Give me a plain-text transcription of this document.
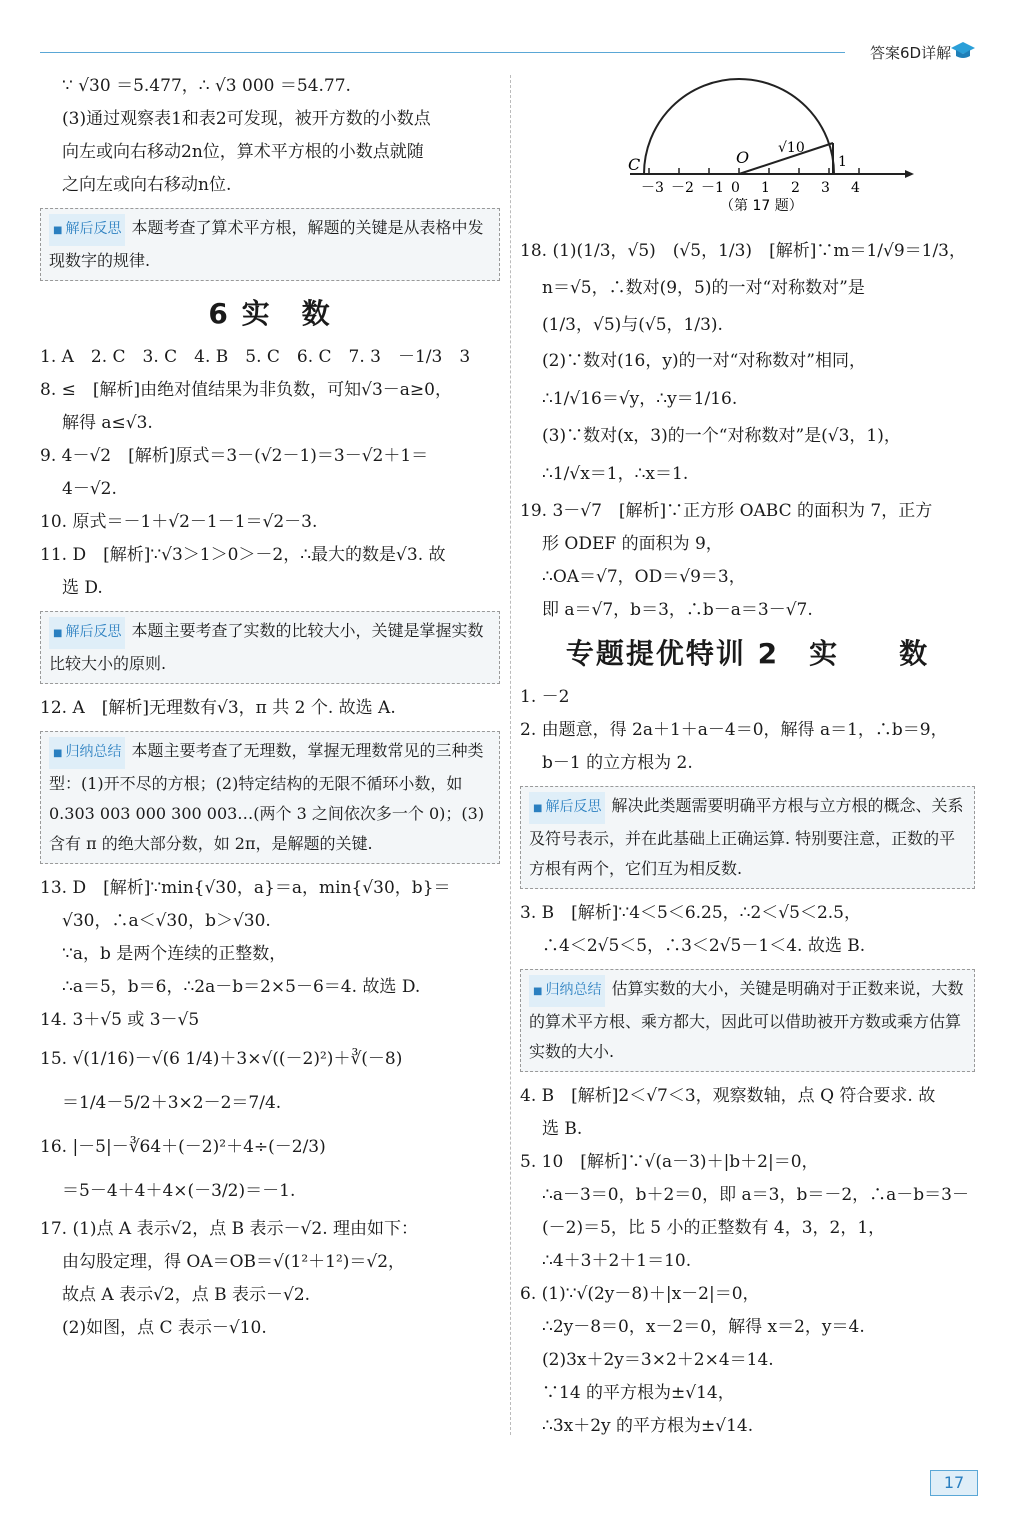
答案6D详解
∵ √30 ＝5.477，∴ √3 000 ＝54.77.
(3)通过观察表1和表2可发现，被开方数的小数点
向左或向右移动2n位，算术平方根的小数点就随
之向左或向右移动n位.
■ 解后反思 本题考查了算术平方根，解题的关键是从表格中发现数字的规律.
6 实　数
1. A　2. C　3. C　4. B　5. C　6. C　7. 3　－1/3　3
8. ≤　[解析]由绝对值结果为非负数，可知√3－a≥0，
解得 a≤√3.
9. 4－√2　[解析]原式＝3－(√2－1)＝3－√2＋1＝
4－√2.
10. 原式＝－1＋√2－1－1＝√2－3.
11. D　[解析]∵√3＞1＞0＞－2，∴最大的数是√3. 故
选 D.
■ 解后反思 本题主要考查了实数的比较大小，关键是掌握实数比较大小的原则.
12. A　[解析]无理数有√3，π 共 2 个. 故选 A.
■ 归纳总结 本题主要考查了无理数，掌握无理数常见的三种类型：(1)开不尽的方根；(2)特定结构的无限不循环小数，如 0.303 003 000 300 003…(两个 3 之间依次多一个 0)；(3)含有 π 的绝大部分数，如 2π，是解题的关键.
13. D　[解析]∵min{√30，a}＝a，min{√30，b}＝
√30，∴a＜√30，b＞√30.
∵a，b 是两个连续的正整数，
∴a＝5，b＝6，∴2a－b＝2×5－6＝4. 故选 D.
14. 3＋√5 或 3－√5
15. √(1/16)－√(6 1/4)＋3×√((－2)²)＋∛(－8)
＝1/4－5/2＋3×2－2＝7/4.
16. |－5|－∛64＋(－2)²＋4÷(－2/3)
＝5－4＋4＋4×(－3/2)＝－1.
17. (1)点 A 表示√2，点 B 表示－√2. 理由如下：
由勾股定理，得 OA＝OB＝√(1²＋1²)＝√2，
故点 A 表示√2，点 B 表示－√2.
(2)如图，点 C 表示－√10.
－3 －2 －1 0 1 2 3 4
C	O √10
1
（第 17 题）
18. (1)(1/3，√5)　(√5，1/3)　[解析]∵m＝1/√9＝1/3，
n＝√5，∴数对(9，5)的一对“对称数对”是
(1/3，√5)与(√5，1/3).
(2)∵数对(16，y)的一对“对称数对”相同，
∴1/√16＝√y，∴y＝1/16.
(3)∵数对(x，3)的一个“对称数对”是(√3，1)，
∴1/√x＝1，∴x＝1.
19. 3－√7　[解析]∵正方形 OABC 的面积为 7，正方
形 ODEF 的面积为 9，
∴OA＝√7，OD＝√9＝3，
即 a＝√7，b＝3，∴b－a＝3－√7.
专题提优特训 2　实　　数
1. －2
2. 由题意，得 2a＋1＋a－4＝0，解得 a＝1，∴b＝9，
b－1 的立方根为 2.
■ 解后反思 解决此类题需要明确平方根与立方根的概念、关系及符号表示，并在此基础上正确运算. 特别要注意，正数的平方根有两个，它们互为相反数.
3. B　[解析]∵4＜5＜6.25，∴2＜√5＜2.5，
∴4＜2√5＜5，∴3＜2√5－1＜4. 故选 B.
■ 归纳总结 估算实数的大小，关键是明确对于正数来说，大数的算术平方根、乘方都大，因此可以借助被开方数或乘方估算实数的大小.
4. B　[解析]2＜√7＜3，观察数轴，点 Q 符合要求. 故
选 B.
5. 10　[解析]∵√(a－3)＋|b＋2|＝0，
∴a－3＝0，b＋2＝0，即 a＝3，b＝－2，∴a－b＝3－
(－2)＝5，比 5 小的正整数有 4，3，2，1，
∴4＋3＋2＋1＝10.
6. (1)∵√(2y－8)＋|x－2|＝0，
∴2y－8＝0，x－2＝0，解得 x＝2，y＝4.
(2)3x＋2y＝3×2＋2×4＝14.
∵14 的平方根为±√14，
∴3x＋2y 的平方根为±√14.
17
